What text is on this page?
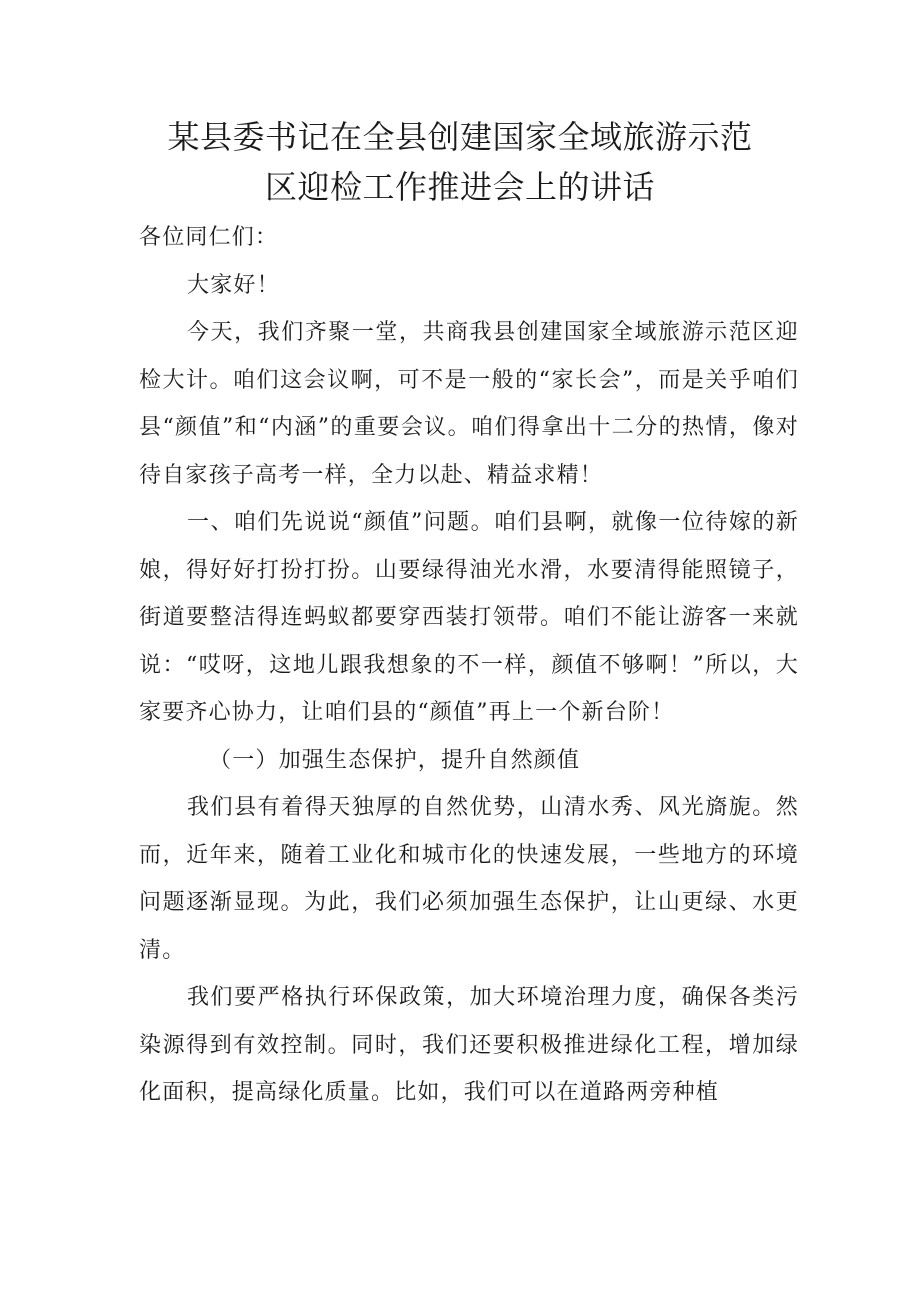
某县委书记在全县创建国家全域旅游示范
区迎检工作推进会上的讲话

各位同仁们：

大家好！

今天，我们齐聚一堂，共商我县创建国家全域旅游示范区迎检大计。咱们这会议啊，可不是一般的“家长会”，而是关乎咱们县“颜值”和“内涵”的重要会议。咱们得拿出十二分的热情，像对待自家孩子高考一样，全力以赴、精益求精！

一、咱们先说说“颜值”问题。咱们县啊，就像一位待嫁的新娘，得好好打扮打扮。山要绿得油光水滑，水要清得能照镜子，街道要整洁得连蚂蚁都要穿西装打领带。咱们不能让游客一来就说：“哎呀，这地儿跟我想象的不一样，颜值不够啊！”所以，大家要齐心协力，让咱们县的“颜值”再上一个新台阶！

（一）加强生态保护，提升自然颜值

我们县有着得天独厚的自然优势，山清水秀、风光旖旎。然而，近年来，随着工业化和城市化的快速发展，一些地方的环境问题逐渐显现。为此，我们必须加强生态保护，让山更绿、水更清。

我们要严格执行环保政策，加大环境治理力度，确保各类污染源得到有效控制。同时，我们还要积极推进绿化工程，增加绿化面积，提高绿化质量。比如，我们可以在道路两旁种植
